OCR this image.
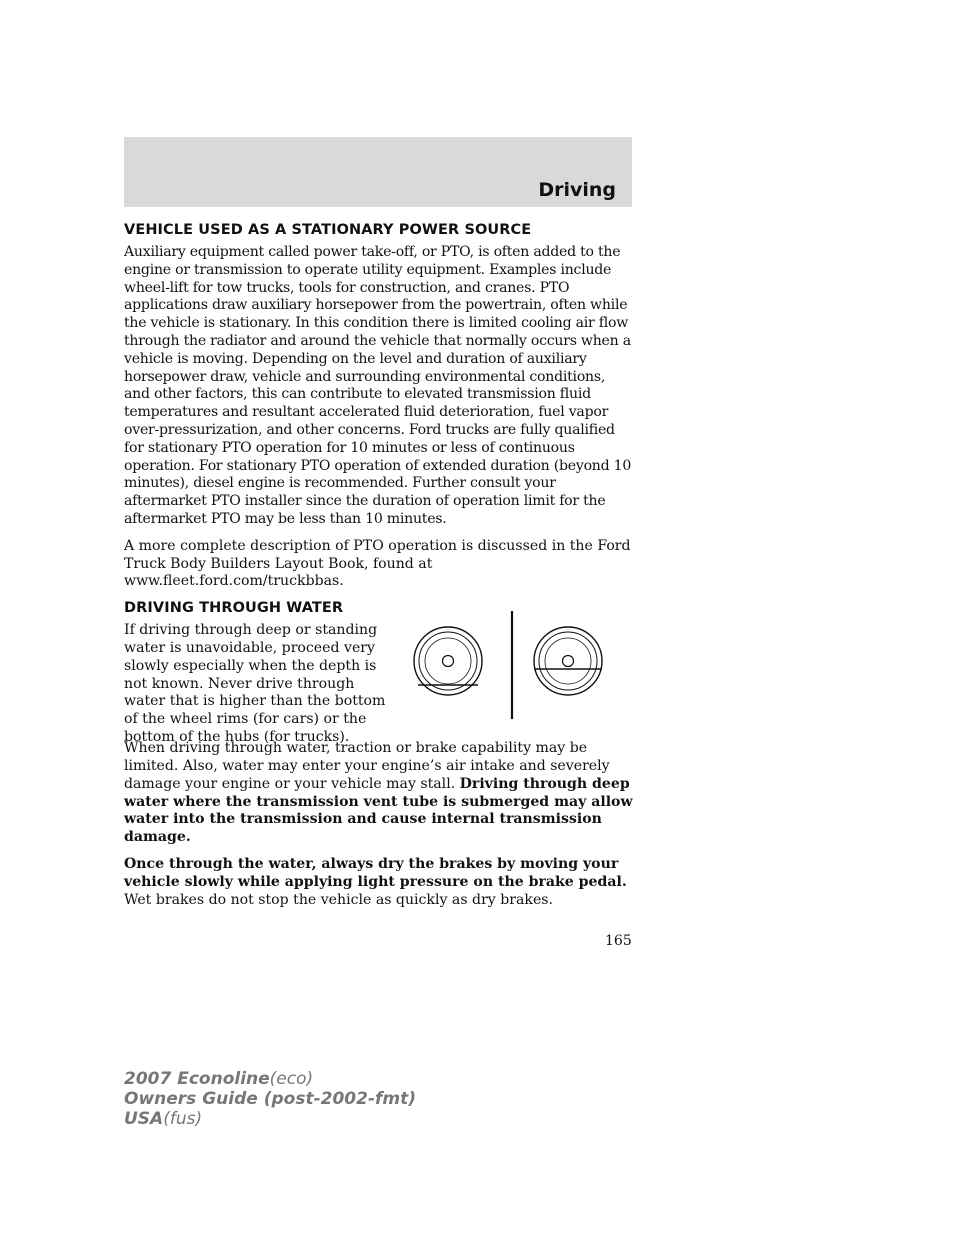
Driving
VEHICLE USED AS A STATIONARY POWER SOURCE

Auxiliary equipment called power take-off, or PTO, is often added to the engine or transmission to operate utility equipment. Examples include wheel-lift for tow trucks, tools for construction, and cranes. PTO applications draw auxiliary horsepower from the powertrain, often while the vehicle is stationary. In this condition there is limited cooling air flow through the radiator and around the vehicle that normally occurs when a vehicle is moving. Depending on the level and duration of auxiliary horsepower draw, vehicle and surrounding environmental conditions, and other factors, this can contribute to elevated transmission fluid temperatures and resultant accelerated fluid deterioration, fuel vapor over-pressurization, and other concerns. Ford trucks are fully qualified for stationary PTO operation for 10 minutes or less of continuous operation. For stationary PTO operation of extended duration (beyond 10 minutes), diesel engine is recommended. Further consult your aftermarket PTO installer since the duration of operation limit for the aftermarket PTO may be less than 10 minutes.

A more complete description of PTO operation is discussed in the Ford Truck Body Builders Layout Book, found at www.fleet.ford.com/truckbbas.

DRIVING THROUGH WATER

If driving through deep or standing water is unavoidable, proceed very slowly especially when the depth is not known. Never drive through water that is higher than the bottom of the wheel rims (for cars) or the bottom of the hubs (for trucks).

When driving through water, traction or brake capability may be limited. Also, water may enter your engine’s air intake and severely damage your engine or your vehicle may stall. Driving through deep water where the transmission vent tube is submerged may allow water into the transmission and cause internal transmission damage.

Once through the water, always dry the brakes by moving your vehicle slowly while applying light pressure on the brake pedal. Wet brakes do not stop the vehicle as quickly as dry brakes.

165
2007 Econoline(eco)
Owners Guide (post-2002-fmt)
USA(fus)
